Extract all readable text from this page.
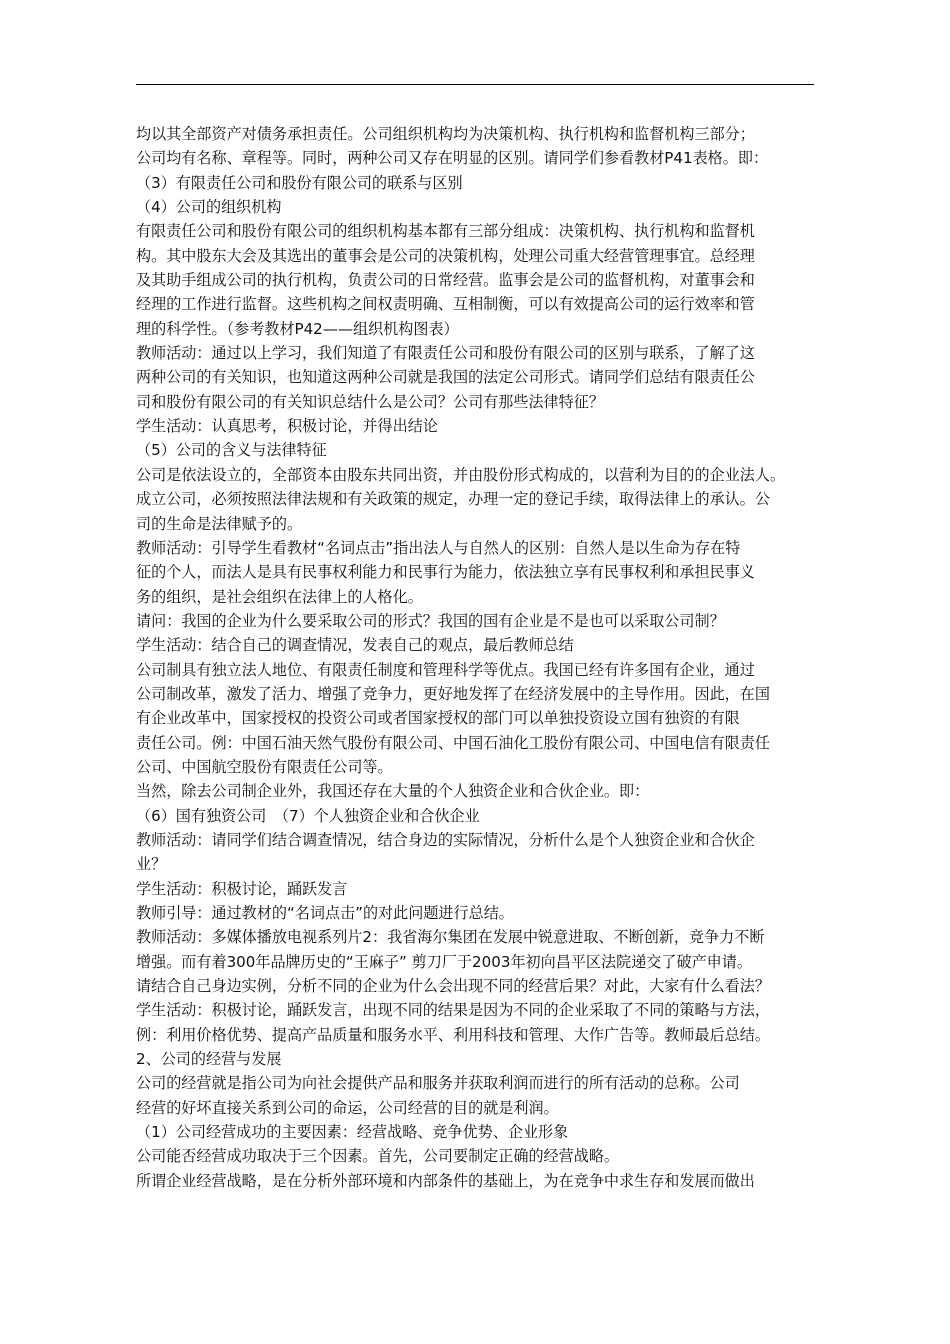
均以其全部资产对债务承担责任。公司组织机构均为决策机构、执行机构和监督机构三部分；
公司均有名称、章程等。同时，两种公司又存在明显的区别。请同学们参看教材P41表格。即：
（3）有限责任公司和股份有限公司的联系与区别
（4）公司的组织机构
有限责任公司和股份有限公司的组织机构基本都有三部分组成：决策机构、执行机构和监督机
构。其中股东大会及其选出的董事会是公司的决策机构，处理公司重大经营管理事宜。总经理
及其助手组成公司的执行机构，负责公司的日常经营。监事会是公司的监督机构，对董事会和
经理的工作进行监督。这些机构之间权责明确、互相制衡，可以有效提高公司的运行效率和管
理的科学性。（参考教材P42——组织机构图表）
教师活动：通过以上学习，我们知道了有限责任公司和股份有限公司的区别与联系，了解了这
两种公司的有关知识，也知道这两种公司就是我国的法定公司形式。请同学们总结有限责任公
司和股份有限公司的有关知识总结什么是公司？公司有那些法律特征？
学生活动：认真思考，积极讨论，并得出结论
（5）公司的含义与法律特征
公司是依法设立的，全部资本由股东共同出资，并由股份形式构成的，以营利为目的的企业法人。
成立公司，必须按照法律法规和有关政策的规定，办理一定的登记手续，取得法律上的承认。公
司的生命是法律赋予的。
教师活动：引导学生看教材“名词点击”指出法人与自然人的区别：自然人是以生命为存在特
征的个人，而法人是具有民事权利能力和民事行为能力，依法独立享有民事权利和承担民事义
务的组织，是社会组织在法律上的人格化。
请问：我国的企业为什么要采取公司的形式？我国的国有企业是不是也可以采取公司制？
学生活动：结合自己的调查情况，发表自己的观点，最后教师总结
公司制具有独立法人地位、有限责任制度和管理科学等优点。我国已经有许多国有企业，通过
公司制改革，激发了活力、增强了竞争力，更好地发挥了在经济发展中的主导作用。因此，在国
有企业改革中，国家授权的投资公司或者国家授权的部门可以单独投资设立国有独资的有限
责任公司。例：中国石油天然气股份有限公司、中国石油化工股份有限公司、中国电信有限责任
公司、中国航空股份有限责任公司等。
当然，除去公司制企业外，我国还存在大量的个人独资企业和合伙企业。即：
（6）国有独资公司　（7）个人独资企业和合伙企业
教师活动：请同学们结合调查情况，结合身边的实际情况，分析什么是个人独资企业和合伙企
业？
学生活动：积极讨论，踊跃发言
教师引导：通过教材的“名词点击”的对此问题进行总结。
教师活动：多媒体播放电视系列片2：我省海尔集团在发展中锐意进取、不断创新，竞争力不断
增强。而有着300年品牌历史的“王麻子” 剪刀厂于2003年初向昌平区法院递交了破产申请。
请结合自己身边实例，分析不同的企业为什么会出现不同的经营后果？对此，大家有什么看法？
学生活动：积极讨论，踊跃发言，出现不同的结果是因为不同的企业采取了不同的策略与方法，
例：利用价格优势、提高产品质量和服务水平、利用科技和管理、大作广告等。教师最后总结。
2、公司的经营与发展
公司的经营就是指公司为向社会提供产品和服务并获取利润而进行的所有活动的总称。公司
经营的好坏直接关系到公司的命运，公司经营的目的就是利润。
（1）公司经营成功的主要因素：经营战略、竞争优势、企业形象
公司能否经营成功取决于三个因素。首先，公司要制定正确的经营战略。
所谓企业经营战略，是在分析外部环境和内部条件的基础上，为在竞争中求生存和发展而做出
